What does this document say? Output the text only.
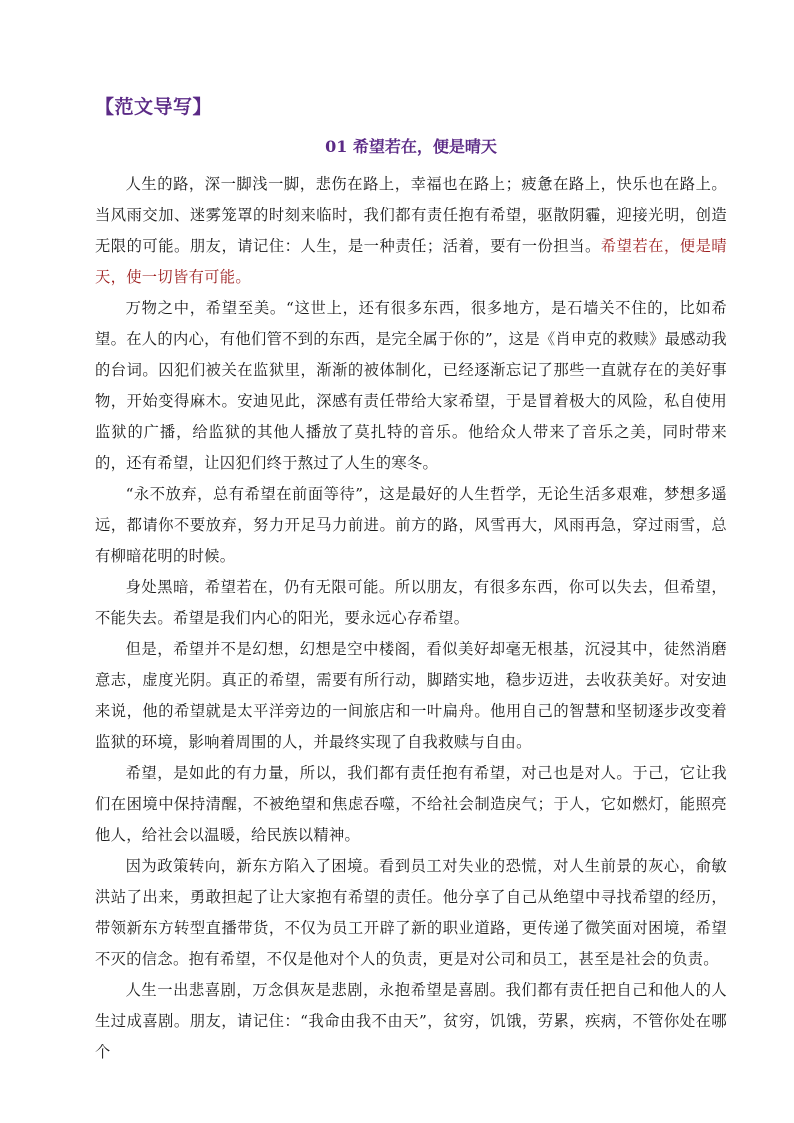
【范文导写】
01 希望若在，便是晴天

人生的路，深一脚浅一脚，悲伤在路上，幸福也在路上；疲惫在路上，快乐也在路上。当风雨交加、迷雾笼罩的时刻来临时，我们都有责任抱有希望，驱散阴霾，迎接光明，创造无限的可能。朋友，请记住：人生，是一种责任；活着，要有一份担当。希望若在，便是晴天，使一切皆有可能。

万物之中，希望至美。“这世上，还有很多东西，很多地方，是石墙关不住的，比如希望。在人的内心，有他们管不到的东西，是完全属于你的”，这是《肖申克的救赎》最感动我的台词。囚犯们被关在监狱里，渐渐的被体制化，已经逐渐忘记了那些一直就存在的美好事物，开始变得麻木。安迪见此，深感有责任带给大家希望，于是冒着极大的风险，私自使用监狱的广播，给监狱的其他人播放了莫扎特的音乐。他给众人带来了音乐之美，同时带来的，还有希望，让囚犯们终于熬过了人生的寒冬。

“永不放弃，总有希望在前面等待”，这是最好的人生哲学，无论生活多艰难，梦想多遥远，都请你不要放弃，努力开足马力前进。前方的路，风雪再大，风雨再急，穿过雨雪，总有柳暗花明的时候。

身处黑暗，希望若在，仍有无限可能。所以朋友，有很多东西，你可以失去，但希望，不能失去。希望是我们内心的阳光，要永远心存希望。

但是，希望并不是幻想，幻想是空中楼阁，看似美好却毫无根基，沉浸其中，徒然消磨意志，虚度光阴。真正的希望，需要有所行动，脚踏实地，稳步迈进，去收获美好。对安迪来说，他的希望就是太平洋旁边的一间旅店和一叶扁舟。他用自己的智慧和坚韧逐步改变着监狱的环境，影响着周围的人，并最终实现了自我救赎与自由。

希望，是如此的有力量，所以，我们都有责任抱有希望，对己也是对人。于己，它让我们在困境中保持清醒，不被绝望和焦虑吞噬，不给社会制造戾气；于人，它如燃灯，能照亮他人，给社会以温暖，给民族以精神。

因为政策转向，新东方陷入了困境。看到员工对失业的恐慌，对人生前景的灰心，俞敏洪站了出来，勇敢担起了让大家抱有希望的责任。他分享了自己从绝望中寻找希望的经历，带领新东方转型直播带货，不仅为员工开辟了新的职业道路，更传递了微笑面对困境，希望不灭的信念。抱有希望，不仅是他对个人的负责，更是对公司和员工，甚至是社会的负责。

人生一出悲喜剧，万念俱灰是悲剧，永抱希望是喜剧。我们都有责任把自己和他人的人生过成喜剧。朋友，请记住：“我命由我不由天”，贫穷，饥饿，劳累，疾病，不管你处在哪个
